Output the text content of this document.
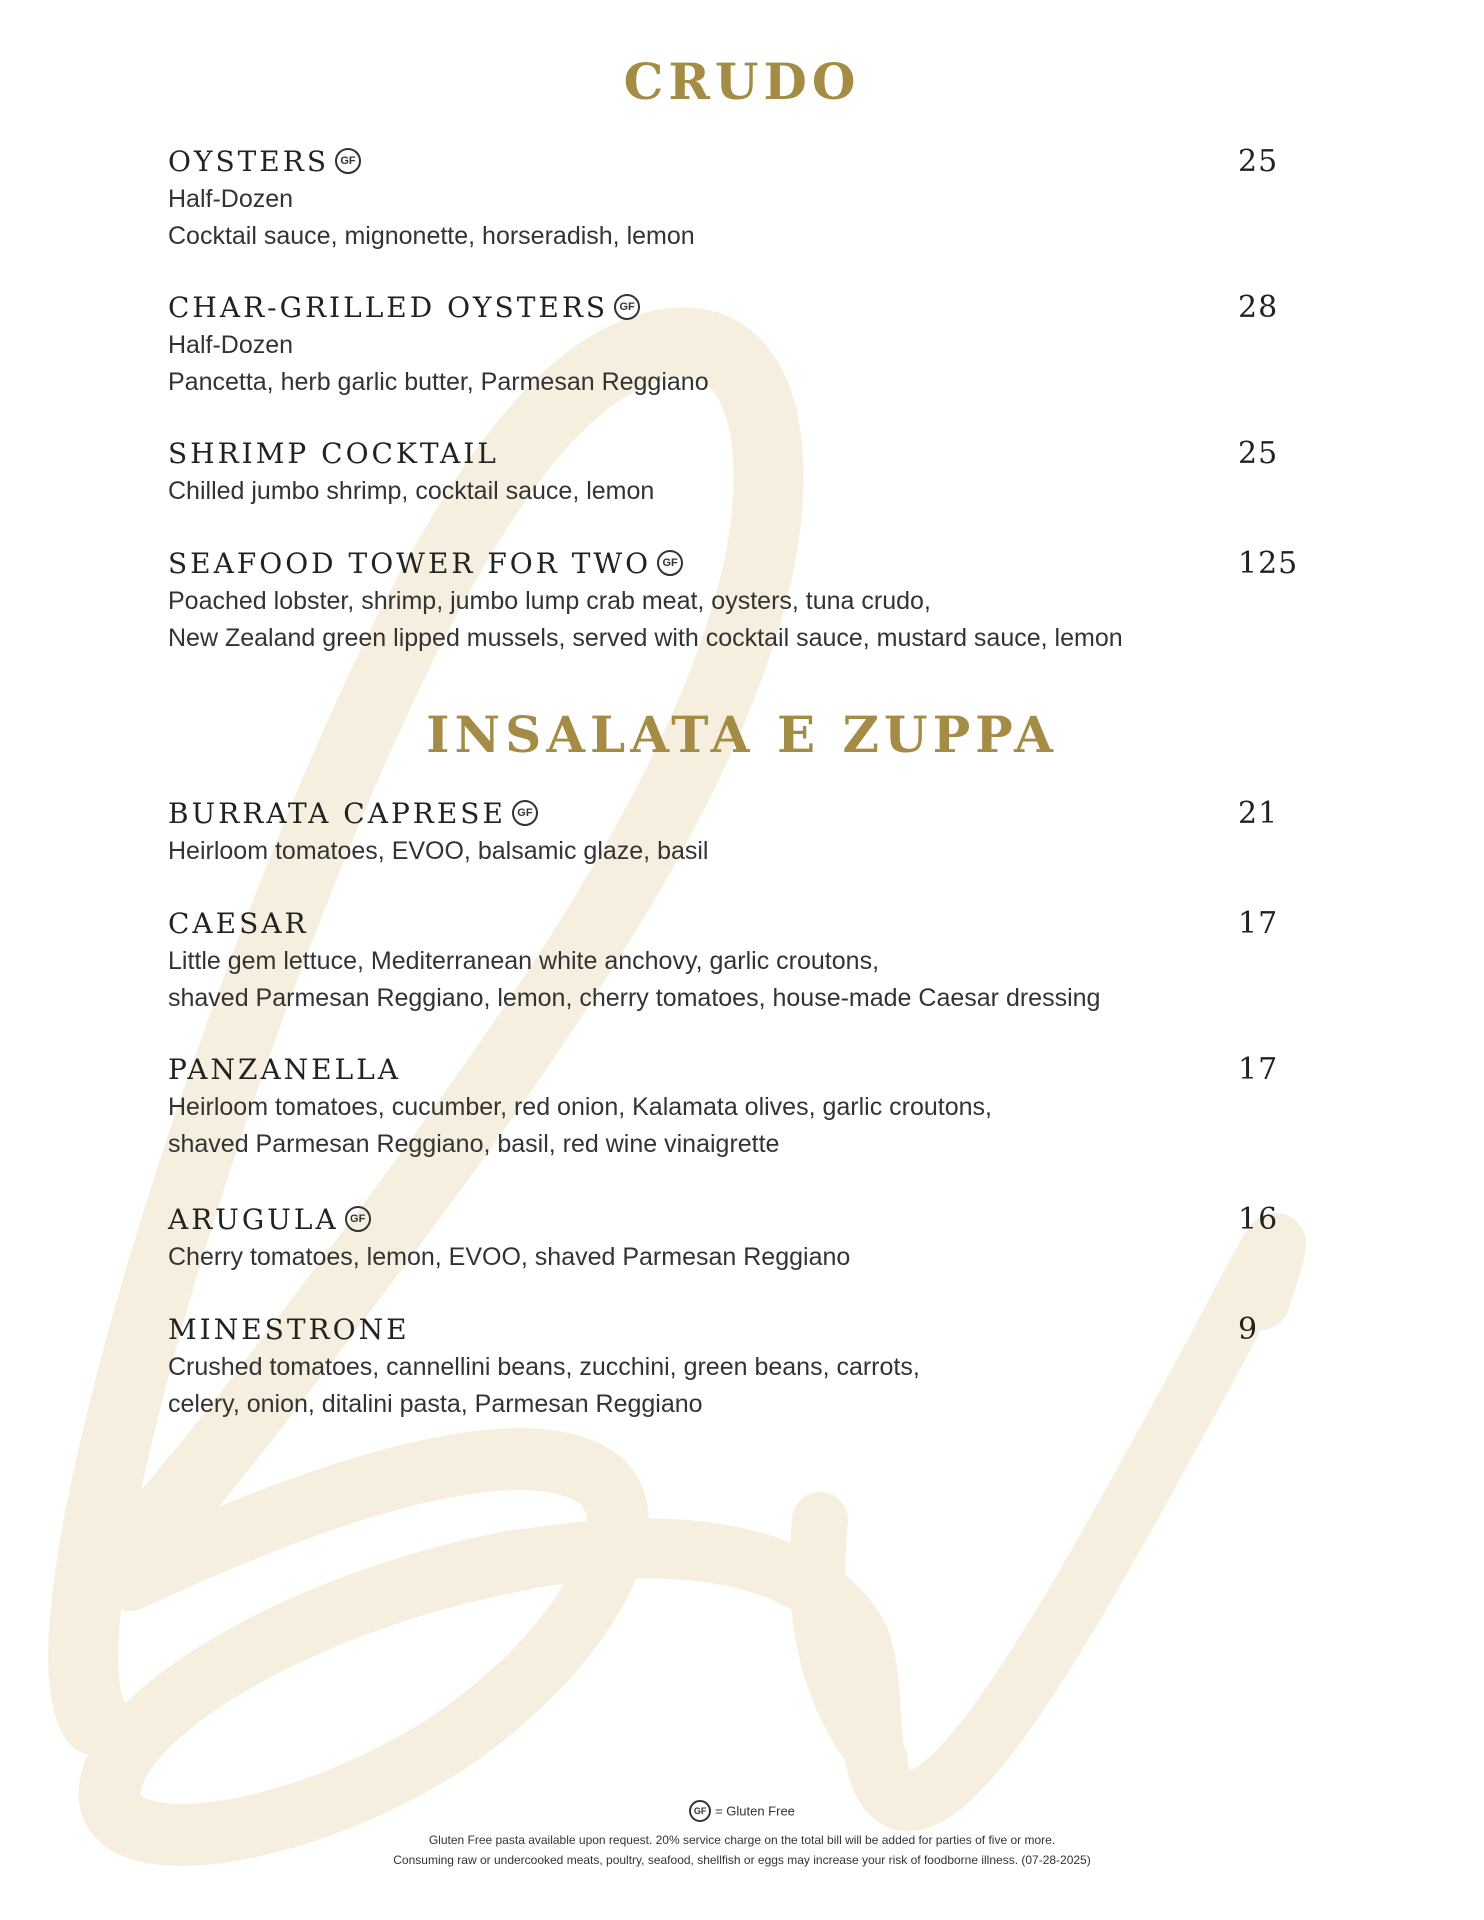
CRUDO
OYSTERS GF	25
Half-Dozen
Cocktail sauce, mignonette, horseradish, lemon
CHAR-GRILLED OYSTERS GF	28
Half-Dozen
Pancetta, herb garlic butter, Parmesan Reggiano
SHRIMP COCKTAIL	25
Chilled jumbo shrimp, cocktail sauce, lemon
SEAFOOD TOWER FOR TWO GF	125
Poached lobster, shrimp, jumbo lump crab meat, oysters, tuna crudo,
New Zealand green lipped mussels, served with cocktail sauce, mustard sauce, lemon
INSALATA E ZUPPA
BURRATA CAPRESE GF	21
Heirloom tomatoes, EVOO, balsamic glaze, basil
CAESAR	17
Little gem lettuce, Mediterranean white anchovy, garlic croutons,
shaved Parmesan Reggiano, lemon, cherry tomatoes, house-made Caesar dressing
PANZANELLA	17
Heirloom tomatoes, cucumber, red onion, Kalamata olives, garlic croutons,
shaved Parmesan Reggiano, basil, red wine vinaigrette
ARUGULA GF	16
Cherry tomatoes, lemon, EVOO, shaved Parmesan Reggiano
MINESTRONE	9
Crushed tomatoes, cannellini beans, zucchini, green beans, carrots,
celery, onion, ditalini pasta, Parmesan Reggiano
GF = Gluten Free
Gluten Free pasta available upon request. 20% service charge on the total bill will be added for parties of five or more.
Consuming raw or undercooked meats, poultry, seafood, shellfish or eggs may increase your risk of foodborne illness. (07-28-2025)
